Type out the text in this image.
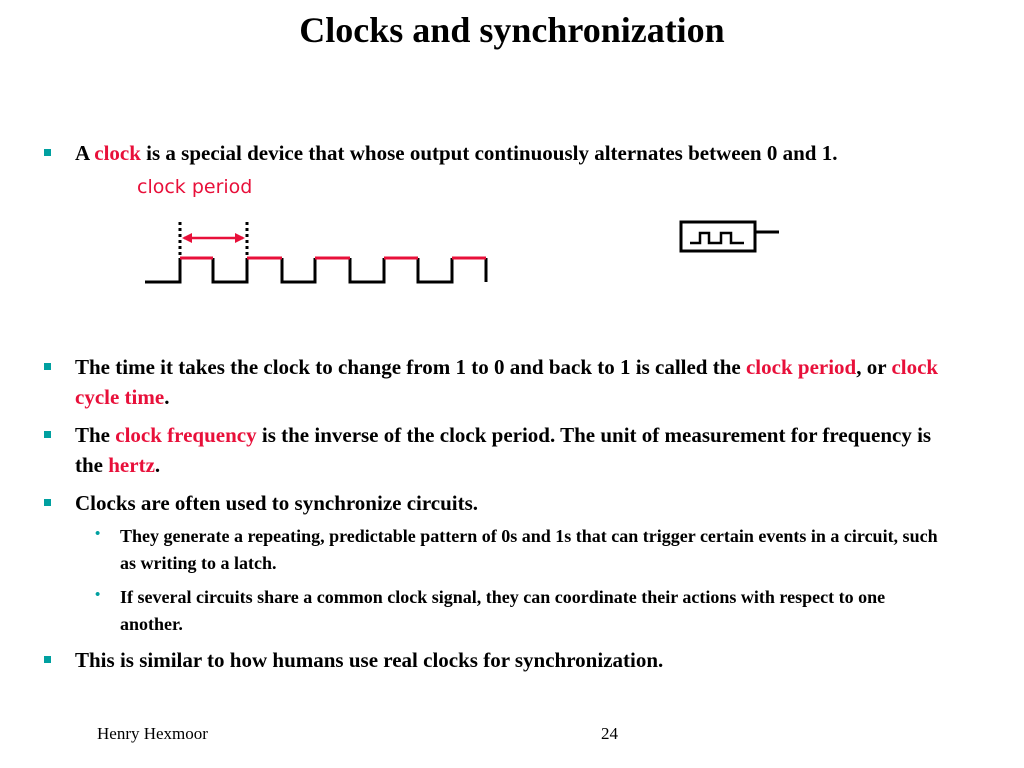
Clocks and synchronization
A clock is a special device that whose output continuously alternates between 0 and 1.
clock period
The time it takes the clock to change from 1 to 0 and back to 1 is called the clock period, or clock cycle time.
The clock frequency is the inverse of the clock period. The unit of measurement for frequency is the hertz.
Clocks are often used to synchronize circuits.
• They generate a repeating, predictable pattern of 0s and 1s that can trigger certain events in a circuit, such as writing to a latch.
• If several circuits share a common clock signal, they can coordinate their actions with respect to one another.
This is similar to how humans use real clocks for synchronization.
Henry Hexmoor	24
